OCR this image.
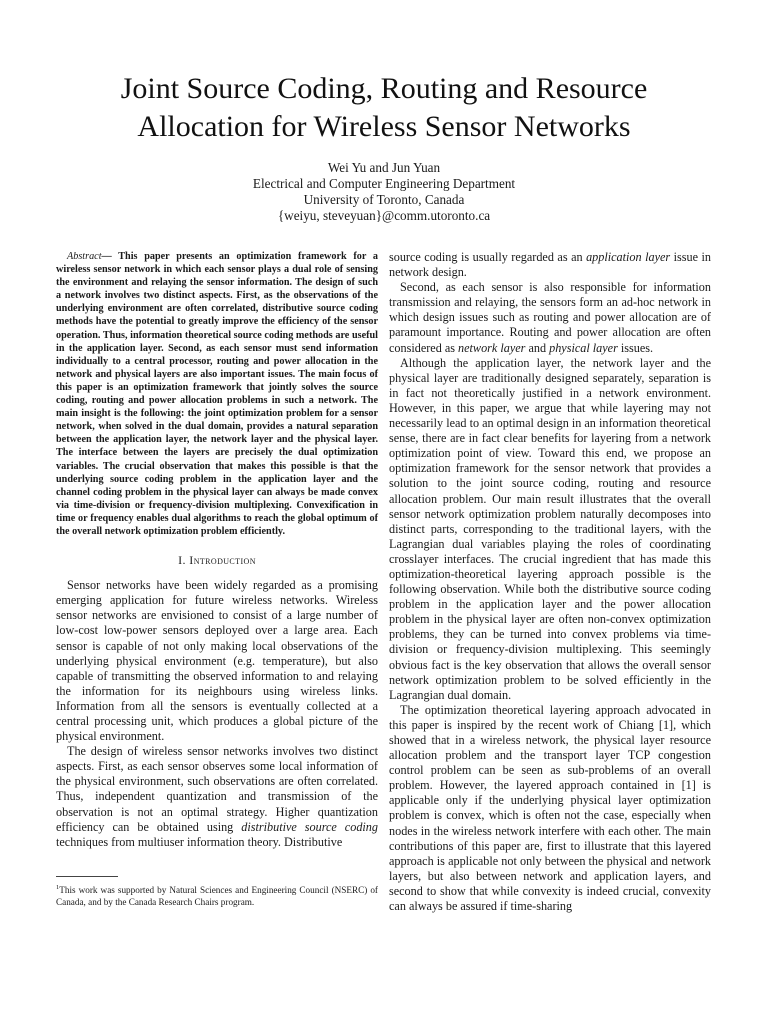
Joint Source Coding, Routing and Resource
Allocation for Wireless Sensor Networks
Wei Yu and Jun Yuan
Electrical and Computer Engineering Department
University of Toronto, Canada
{weiyu, steveyuan}@comm.utoronto.ca
Abstract— This paper presents an optimization framework for a wireless sensor network in which each sensor plays a dual role of sensing the environment and relaying the sensor information. The design of such a network involves two distinct aspects. First, as the observations of the underlying environment are often correlated, distributive source coding methods have the potential to greatly improve the efficiency of the sensor operation. Thus, information theoretical source coding methods are useful in the application layer. Second, as each sensor must send information individually to a central processor, routing and power allocation in the network and physical layers are also important issues. The main focus of this paper is an optimization framework that jointly solves the source coding, routing and power allocation problems in such a network. The main insight is the following: the joint optimization problem for a sensor network, when solved in the dual domain, provides a natural separation between the application layer, the network layer and the physical layer. The interface between the layers are precisely the dual optimization variables. The crucial observation that makes this possible is that the underlying source coding problem in the application layer and the channel coding problem in the physical layer can always be made convex via time-division or frequency-division multiplexing. Convexification in time or frequency enables dual algorithms to reach the global optimum of the overall network optimization problem efficiently.
I. Introduction

Sensor networks have been widely regarded as a promising emerging application for future wireless networks. Wireless sensor networks are envisioned to consist of a large number of low-cost low-power sensors deployed over a large area. Each sensor is capable of not only making local observations of the underlying physical environment (e.g. temperature), but also capable of transmitting the observed information to and relaying the information for its neighbours using wireless links. Information from all the sensors is eventually collected at a central processing unit, which produces a global picture of the physical environment.

The design of wireless sensor networks involves two distinct aspects. First, as each sensor observes some local information of the physical environment, such observations are often correlated. Thus, independent quantization and transmission of the observation is not an optimal strategy. Higher quantization efficiency can be obtained using distributive source coding techniques from multiuser information theory. Distributive

$^1$This work was supported by Natural Sciences and Engineering Council (NSERC) of Canada, and by the Canada Research Chairs program.

source coding is usually regarded as an application layer issue in network design.

Second, as each sensor is also responsible for information transmission and relaying, the sensors form an ad-hoc network in which design issues such as routing and power allocation are of paramount importance. Routing and power allocation are often considered as network layer and physical layer issues.

Although the application layer, the network layer and the physical layer are traditionally designed separately, separation is in fact not theoretically justified in a network environment. However, in this paper, we argue that while layering may not necessarily lead to an optimal design in an information theoretical sense, there are in fact clear benefits for layering from a network optimization point of view. Toward this end, we propose an optimization framework for the sensor network that provides a solution to the joint source coding, routing and resource allocation problem. Our main result illustrates that the overall sensor network optimization problem naturally decomposes into distinct parts, corresponding to the traditional layers, with the Lagrangian dual variables playing the roles of coordinating crosslayer interfaces. The crucial ingredient that has made this optimization-theoretical layering approach possible is the following observation. While both the distributive source coding problem in the application layer and the power allocation problem in the physical layer are often non-convex optimization problems, they can be turned into convex problems via time-division or frequency-division multiplexing. This seemingly obvious fact is the key observation that allows the overall sensor network optimization problem to be solved efficiently in the Lagrangian dual domain.

The optimization theoretical layering approach advocated in this paper is inspired by the recent work of Chiang [1], which showed that in a wireless network, the physical layer resource allocation problem and the transport layer TCP congestion control problem can be seen as sub-problems of an overall problem. However, the layered approach contained in [1] is applicable only if the underlying physical layer optimization problem is convex, which is often not the case, especially when nodes in the wireless network interfere with each other. The main contributions of this paper are, first to illustrate that this layered approach is applicable not only between the physical and network layers, but also between network and application layers, and second to show that while convexity is indeed crucial, convexity can always be assured if time-sharing
